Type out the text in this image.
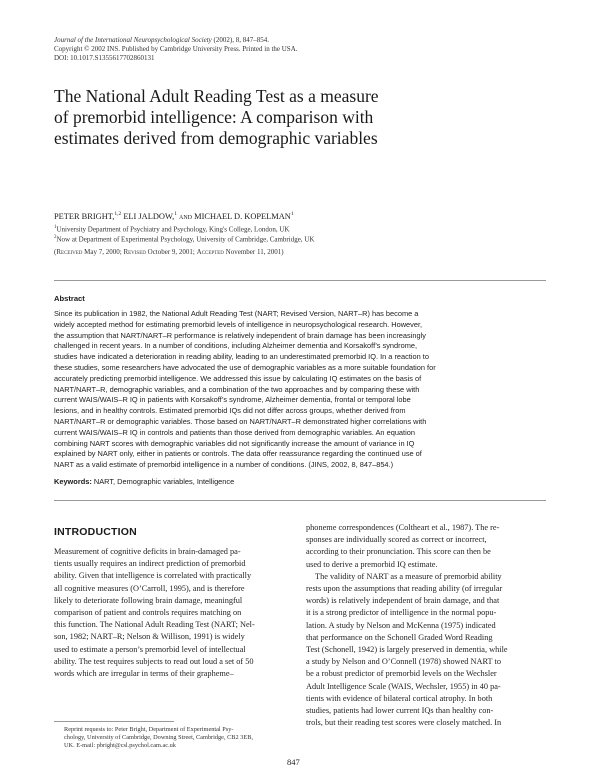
Journal of the International Neuropsychological Society (2002), 8, 847–854.
Copyright © 2002 INS. Published by Cambridge University Press. Printed in the USA.
DOI: 10.1017.S1355617702860131
The National Adult Reading Test as a measure
of premorbid intelligence: A comparison with
estimates derived from demographic variables
PETER BRIGHT,$^{1,2}$ ELI JALDOW,$^1$ and MICHAEL D. KOPELMAN$^1$
$^1$University Department of Psychiatry and Psychology, King's College, London, UK
$^2$Now at Department of Experimental Psychology, University of Cambridge, Cambridge, UK
(Received May 7, 2000; Revised October 9, 2001; Accepted November 11, 2001)
Abstract
Since its publication in 1982, the National Adult Reading Test (NART; Revised Version, NART–R) has become a
widely accepted method for estimating premorbid levels of intelligence in neuropsychological research. However,
the assumption that NART/NART–R performance is relatively independent of brain damage has been increasingly
challenged in recent years. In a number of conditions, including Alzheimer dementia and Korsakoff’s syndrome,
studies have indicated a deterioration in reading ability, leading to an underestimated premorbid IQ. In a reaction to
these studies, some researchers have advocated the use of demographic variables as a more suitable foundation for
accurately predicting premorbid intelligence. We addressed this issue by calculating IQ estimates on the basis of
NART/NART–R, demographic variables, and a combination of the two approaches and by comparing these with
current WAIS/WAIS–R IQ in patients with Korsakoff’s syndrome, Alzheimer dementia, frontal or temporal lobe
lesions, and in healthy controls. Estimated premorbid IQs did not differ across groups, whether derived from
NART/NART–R or demographic variables. Those based on NART/NART–R demonstrated higher correlations with
current WAIS/WAIS–R IQ in controls and patients than those derived from demographic variables. An equation
combining NART scores with demographic variables did not significantly increase the amount of variance in IQ
explained by NART only, either in patients or controls. The data offer reassurance regarding the continued use of
NART as a valid estimate of premorbid intelligence in a number of conditions. (JINS, 2002, 8, 847–854.)
Keywords: NART, Demographic variables, Intelligence
INTRODUCTION
Measurement of cognitive deficits in brain-damaged pa-
tients usually requires an indirect prediction of premorbid
ability. Given that intelligence is correlated with practically
all cognitive measures (O’Carroll, 1995), and is therefore
likely to deteriorate following brain damage, meaningful
comparison of patient and controls requires matching on
this function. The National Adult Reading Test (NART; Nel-
son, 1982; NART–R; Nelson & Willison, 1991) is widely
used to estimate a person’s premorbid level of intellectual
ability. The test requires subjects to read out loud a set of 50
words which are irregular in terms of their grapheme–
phoneme correspondences (Coltheart et al., 1987). The re-
sponses are individually scored as correct or incorrect,
according to their pronunciation. This score can then be
used to derive a premorbid IQ estimate.
The validity of NART as a measure of premorbid ability
rests upon the assumptions that reading ability (of irregular
words) is relatively independent of brain damage, and that
it is a strong predictor of intelligence in the normal popu-
lation. A study by Nelson and McKenna (1975) indicated
that performance on the Schonell Graded Word Reading
Test (Schonell, 1942) is largely preserved in dementia, while
a study by Nelson and O’Connell (1978) showed NART to
be a robust predictor of premorbid levels on the Wechsler
Adult Intelligence Scale (WAIS, Wechsler, 1955) in 40 pa-
tients with evidence of bilateral cortical atrophy. In both
studies, patients had lower current IQs than healthy con-
trols, but their reading test scores were closely matched. In
Reprint requests to: Peter Bright, Department of Experimental Psy-
chology, University of Cambridge, Downing Street, Cambridge, CB2 3EB,
UK. E-mail: pbright@csl.psychol.cam.ac.uk
847
